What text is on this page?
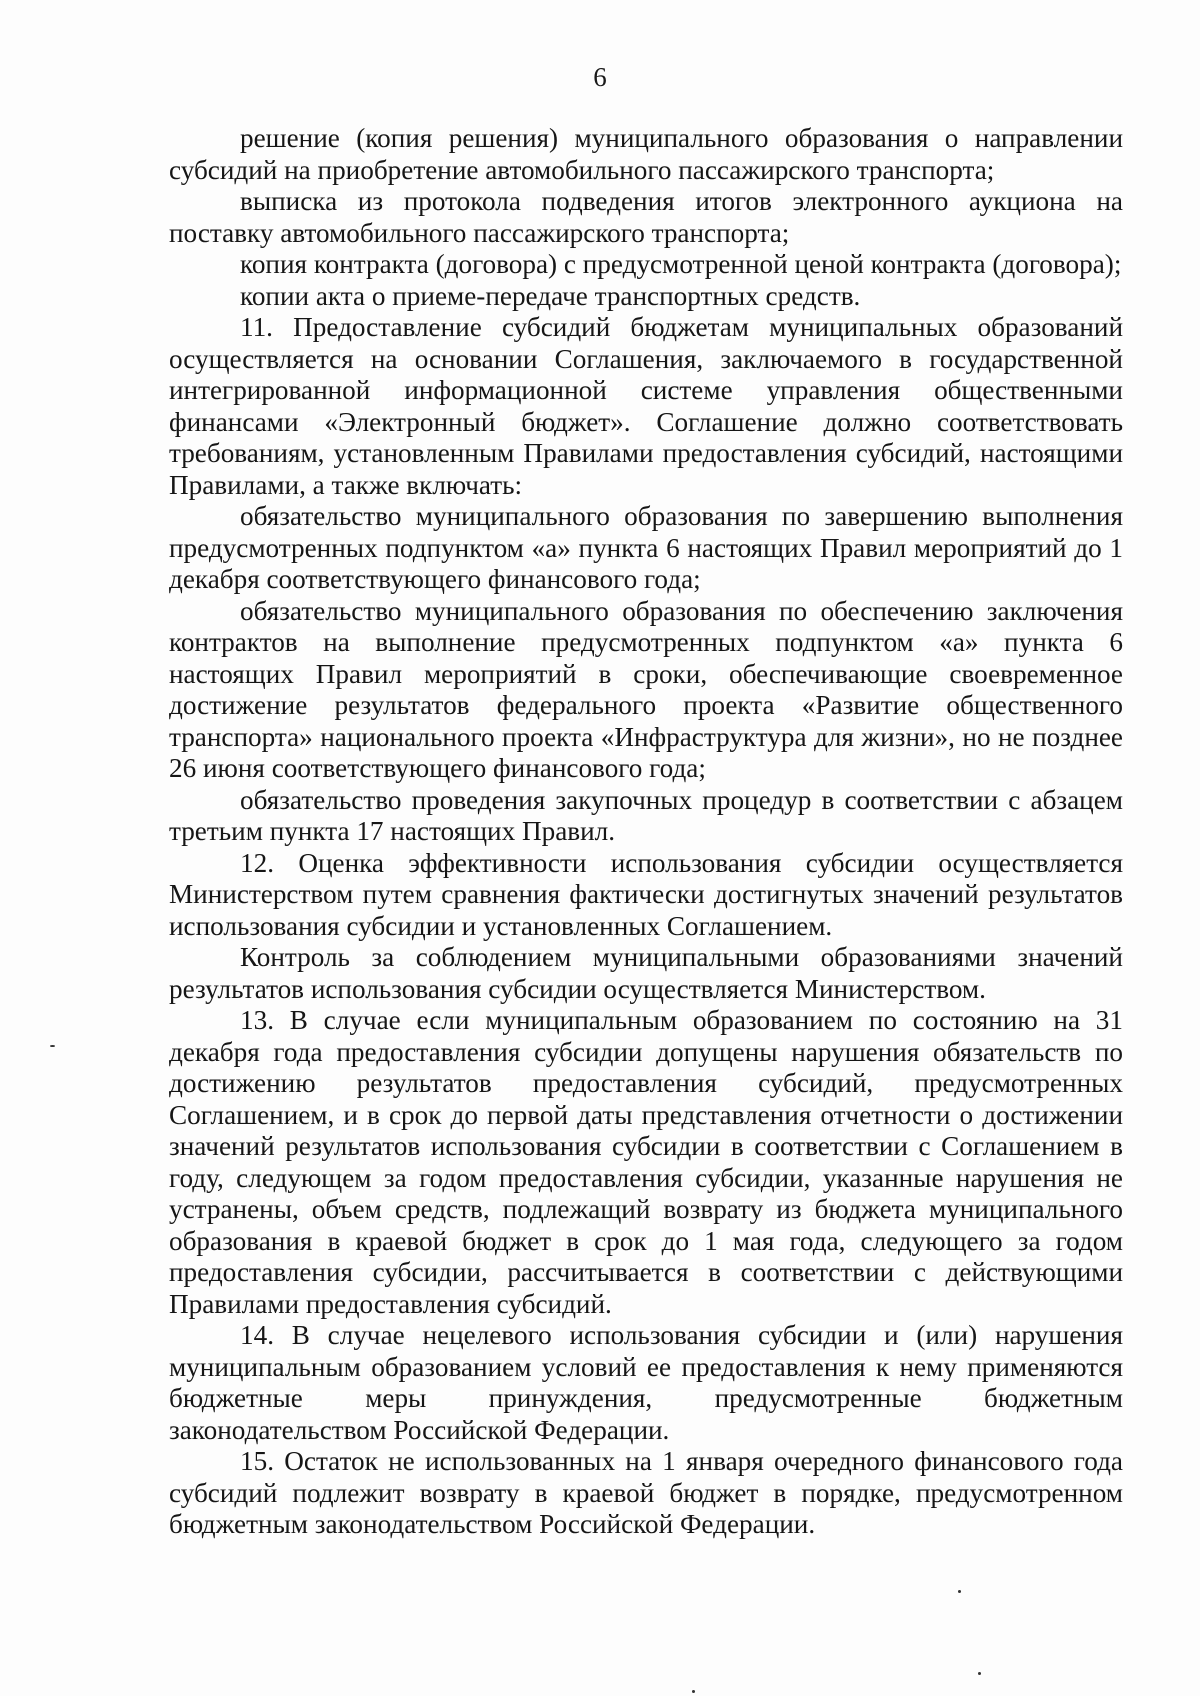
6

решение (копия решения) муниципального образования о направлении субсидий на приобретение автомобильного пассажирского транспорта;

выписка из протокола подведения итогов электронного аукциона на поставку автомобильного пассажирского транспорта;

копия контракта (договора) с предусмотренной ценой контракта (договора);

копии акта о приеме-передаче транспортных средств.

11. Предоставление субсидий бюджетам муниципальных образований осуществляется на основании Соглашения, заключаемого в государственной интегрированной информационной системе управления общественными финансами «Электронный бюджет». Соглашение должно соответствовать требованиям, установленным Правилами предоставления субсидий, настоящими Правилами, а также включать:

обязательство муниципального образования по завершению выполнения предусмотренных подпунктом «а» пункта 6 настоящих Правил мероприятий до 1 декабря соответствующего финансового года;

обязательство муниципального образования по обеспечению заключения контрактов на выполнение предусмотренных подпунктом «а» пункта 6 настоящих Правил мероприятий в сроки, обеспечивающие своевременное достижение результатов федерального проекта «Развитие общественного транспорта» национального проекта «Инфраструктура для жизни», но не позднее 26 июня соответствующего финансового года;

обязательство проведения закупочных процедур в соответствии с абзацем третьим пункта 17 настоящих Правил.

12. Оценка эффективности использования субсидии осуществляется Министерством путем сравнения фактически достигнутых значений результатов использования субсидии и установленных Соглашением.

Контроль за соблюдением муниципальными образованиями значений результатов использования субсидии осуществляется Министерством.

13. В случае если муниципальным образованием по состоянию на 31 декабря года предоставления субсидии допущены нарушения обязательств по достижению результатов предоставления субсидий, предусмотренных Соглашением, и в срок до первой даты представления отчетности о достижении значений результатов использования субсидии в соответствии с Соглашением в году, следующем за годом предоставления субсидии, указанные нарушения не устранены, объем средств, подлежащий возврату из бюджета муниципального образования в краевой бюджет в срок до 1 мая года, следующего за годом предоставления субсидии, рассчитывается в соответствии с действующими Правилами предоставления субсидий.

14. В случае нецелевого использования субсидии и (или) нарушения муниципальным образованием условий ее предоставления к нему применяются бюджетные меры принуждения, предусмотренные бюджетным законодательством Российской Федерации.

15. Остаток не использованных на 1 января очередного финансового года субсидий подлежит возврату в краевой бюджет в порядке, предусмотренном бюджетным законодательством Российской Федерации.
